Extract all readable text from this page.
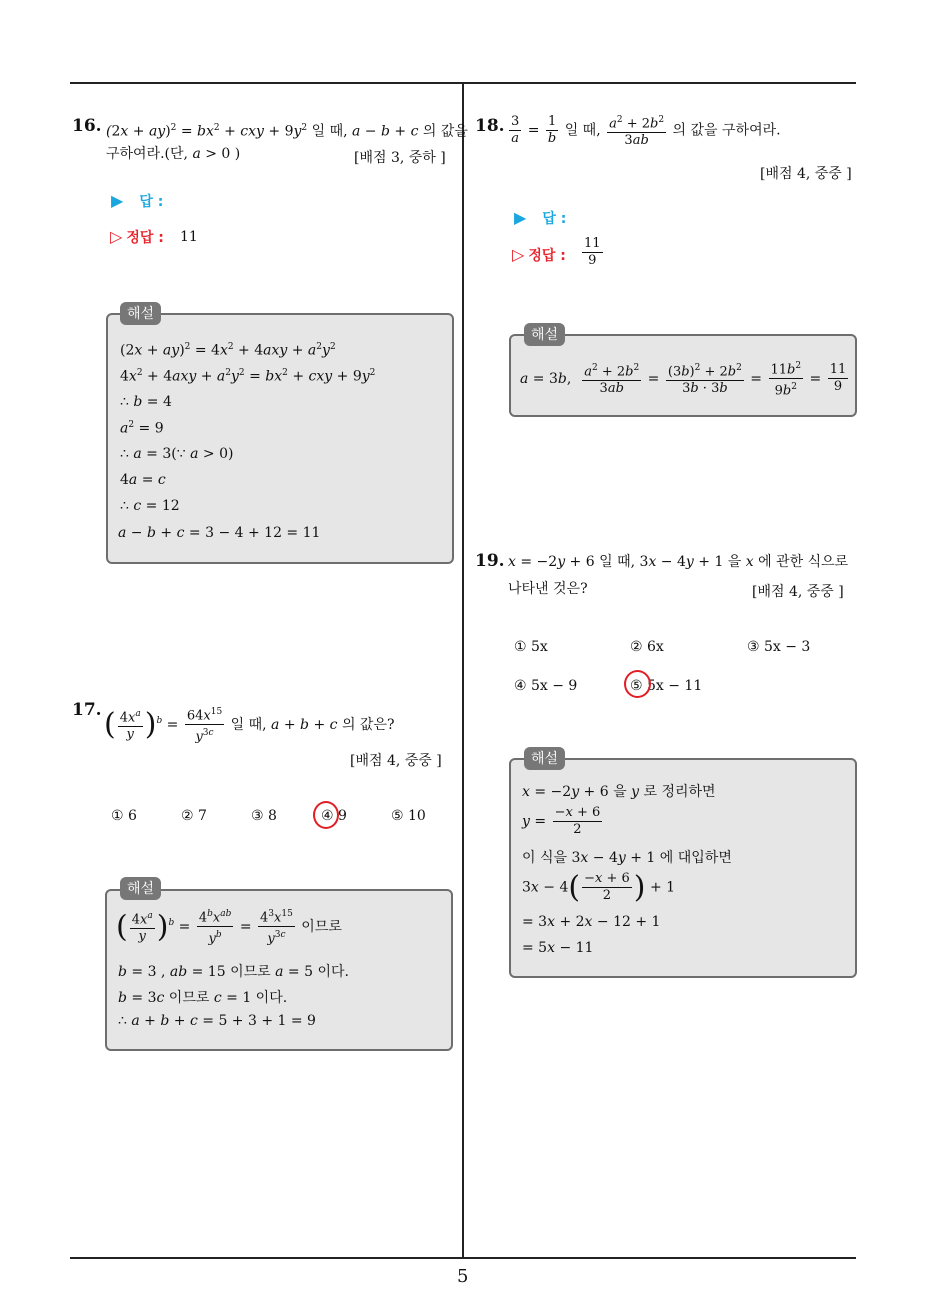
5
16. $(2x + ay)^2 = bx^2$ + cxy + $9y^2$ 일 때, a − b + c 의 값을
구하여라.(단, a > 0 )	[배점 3, 중하 ]
▶ 답 :
▷ 정답 : 11
해설
$(2x + ay)^2 = 4x^2 + 4axy + a^2y^2$
$4x^2 + 4axy + a^2y^2 = bx^2$ + cxy + $9y^2$
∴ b = 4
$a^2 = 9$
∴ a = 3(∵ a > 0)
4a = c
∴ c = 12
a − b + c = 3 − 4 + 12 = 11
17. ( $\frac{4x^a}{y} )^b = \frac{64x^{15}}{y^{3c}}$ 일 때, a + b + c 의 값은?
[배점 4, 중중 ]
① 6	② 7	③ 8	④ 9	⑤ 10
해설
( $\frac{4x^a}{y} )^b = \frac{4^bx^{ab}}{y^b} = \frac{4^3x^{15}}{y^{3c}}$ 이므로
b = 3 , ab = 15 이므로 a = 5 이다.
b = 3c 이므로 c = 1 이다.
∴ a + b + c = 5 + 3 + 1 = 9
18. $\frac{3}{a} = \frac{1}{b}$ 일 때, $\frac{a^2 + 2b^2}{3ab}$ 의 값을 구하여라.
[배점 4, 중중 ]
▶ 답 :
▷ 정답 : $\frac{11}{9}$
해설
a = 3b, $\frac{a^2 + 2b^2}{3ab} = \frac{(3b)^2 + 2b^2}{3b \cdot 3b} = \frac{11b^2}{9b^2} = \frac{11}{9}$
19. x = −2y + 6 일 때, 3x − 4y + 1 을 x 에 관한 식으로
나타낸 것은?	[배점 4, 중중 ]
① 5x	② 6x	③ 5x − 3
④ 5x − 9	⑤ 5x − 11
해설
x = −2y + 6 을 y 로 정리하면
$y = \frac{-x + 6}{2}$
이 식을 3x − 4y + 1 에 대입하면
$3x - 4( \frac{-x + 6}{2}$ ) + 1
= 3x + 2x − 12 + 1
= 5x − 11
